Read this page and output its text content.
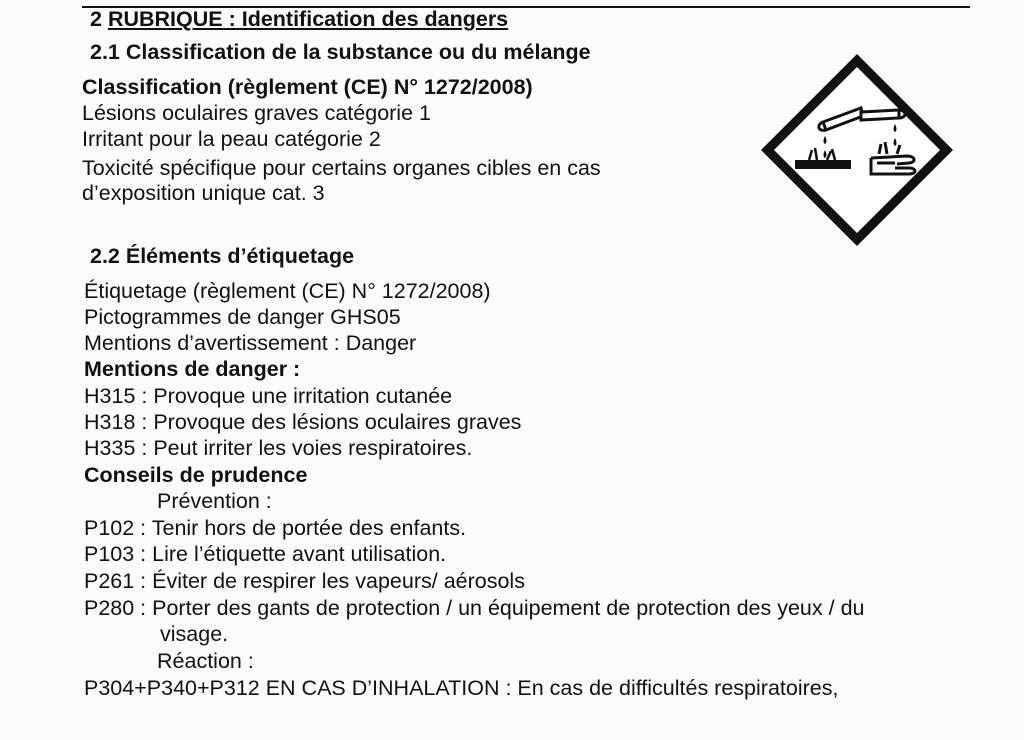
2 RUBRIQUE : Identification des dangers
2.1 Classification de la substance ou du mélange
Classification (règlement (CE) N° 1272/2008)
Lésions oculaires graves catégorie 1
Irritant pour la peau catégorie 2
Toxicité spécifique pour certains organes cibles en cas
d’exposition unique cat. 3
2.2 Éléments d’étiquetage
Étiquetage (règlement (CE) N° 1272/2008)
Pictogrammes de danger GHS05
Mentions d’avertissement : Danger
Mentions de danger :
H315 : Provoque une irritation cutanée
H318 : Provoque des lésions oculaires graves
H335 : Peut irriter les voies respiratoires.
Conseils de prudence
Prévention :
P102 : Tenir hors de portée des enfants.
P103 : Lire l’étiquette avant utilisation.
P261 : Éviter de respirer les vapeurs/ aérosols
P280 : Porter des gants de protection / un équipement de protection des yeux / du
visage.
Réaction :
P304+P340+P312 EN CAS D’INHALATION : En cas de difficultés respiratoires,
